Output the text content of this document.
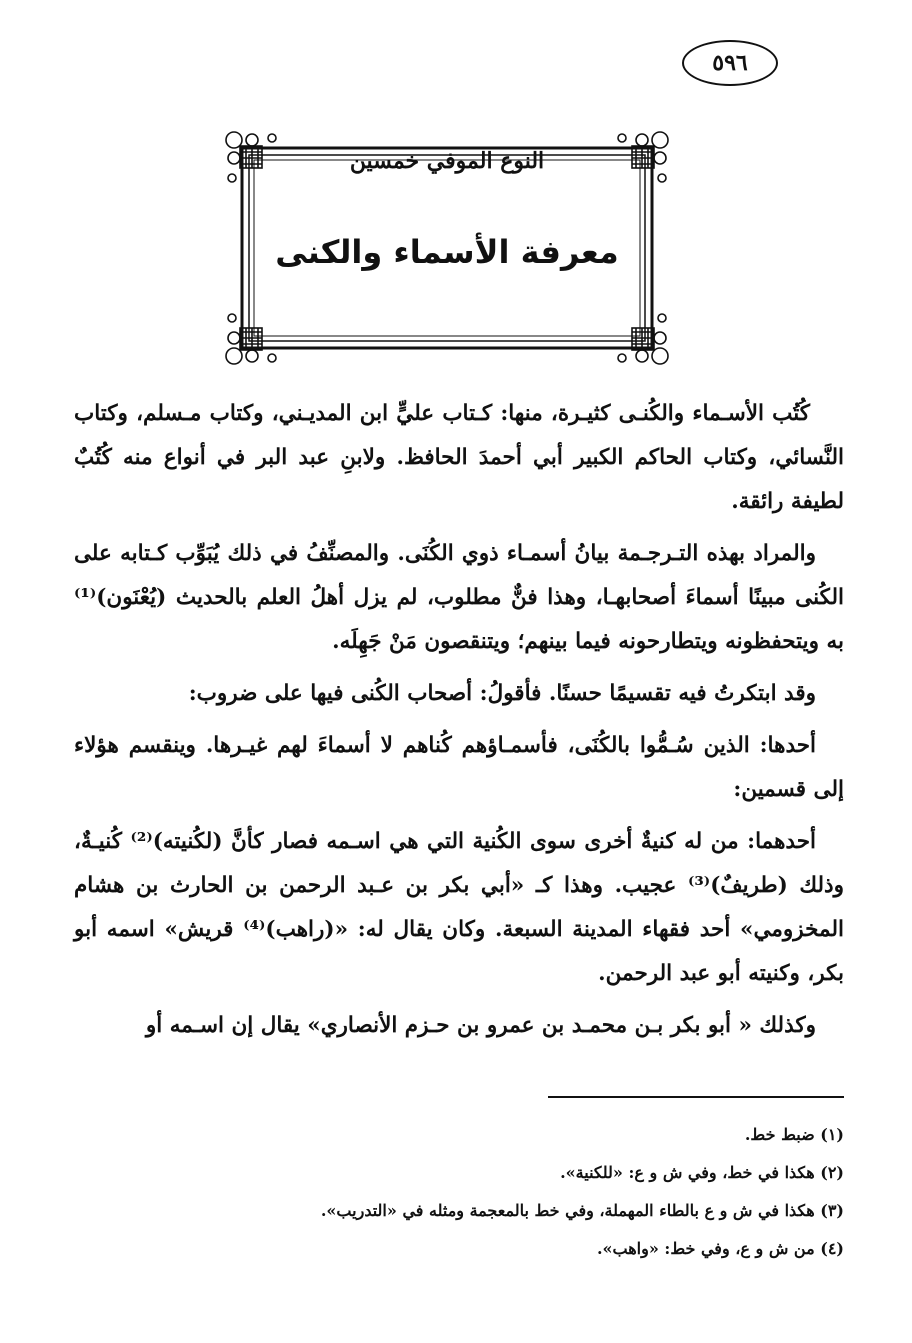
٥٩٦
النوع الموفي خمسين
معرفة الأسماء والكنى

كُتُب الأسـماء والكُنـى كثيـرة، منها: كـتاب عليٍّ ابن المديـني، وكتاب مـسلم، وكتاب النَّسائي، وكتاب الحاكم الكبير أبي أحمدَ الحافظ. ولابنِ عبد البر في أنواع منه كُتُبٌ لطيفة رائقة.

والمراد بهذه التـرجـمة بيانُ أسمـاء ذوي الكُنَى. والمصنِّفُ في ذلك يُبَوِّب كـتابه على الكُنى مبينًا أسماءَ أصحابهـا، وهذا فنٌّ مطلوب، لم يزل أهلُ العلم بالحديث (يُعْنَون)⁽¹⁾ به ويتحفظونه ويتطارحونه فيما بينهم؛ ويتنقصون مَنْ جَهِلَه.

وقد ابتكرتُ فيه تقسيمًا حسنًا. فأقولُ: أصحاب الكُنى فيها على ضروب:

أحدها: الذين سُـمُّوا بالكُنَى، فأسمـاؤهم كُناهم لا أسماءَ لهم غيـرها. وينقسم هؤلاء إلى قسمين:

أحدهما: من له كنيةٌ أخرى سوى الكُنية التي هي اسـمه فصار كأنَّ (لكُنيته)⁽²⁾ كُنيـةٌ، وذلك (طريفٌ)⁽³⁾ عجيب. وهذا كـ «أبي بكر بن عـبد الرحمن بن الحارث بن هشام المخزومي» أحد فقهاء المدينة السبعة. وكان يقال له: «(راهب)⁽⁴⁾ قريش» اسمه أبو بكر، وكنيته أبو عبد الرحمن.

وكذلك « أبو بكر بـن محمـد بن عمرو بن حـزم الأنصاري» يقال إن اسـمه أو

(١) ضبط خط.
(٢) هكذا في خط، وفي ش و ع: «للكنية».
(٣) هكذا في ش و ع بالطاء المهملة، وفي خط بالمعجمة ومثله في «التدريب».
(٤) من ش و ع، وفي خط: «واهب».
